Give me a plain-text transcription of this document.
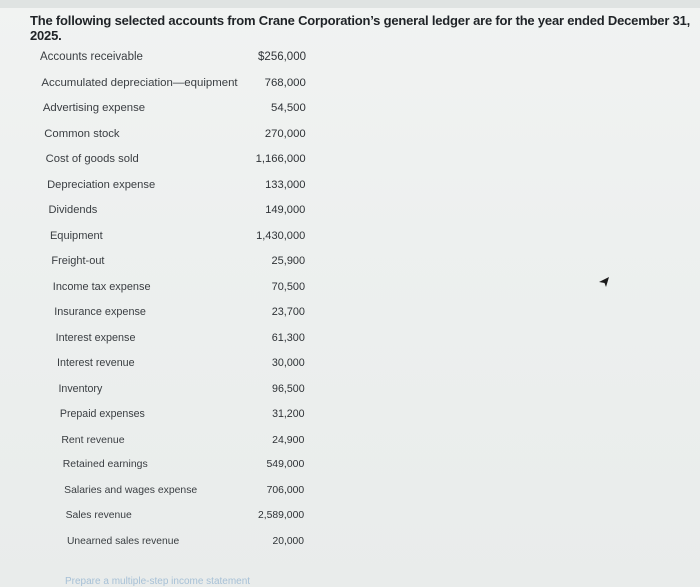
The following selected accounts from Crane Corporation’s general ledger are for the year ended December 31, 2025.
Accounts receivable	$256,000
Accumulated depreciation—equipment	768,000
Advertising expense	54,500
Common stock	270,000
Cost of goods sold	1,166,000
Depreciation expense	133,000
Dividends	149,000
Equipment	1,430,000
Freight-out	25,900
Income tax expense	70,500
Insurance expense	23,700
Interest expense	61,300
Interest revenue	30,000
Inventory	96,500
Prepaid expenses	31,200
Rent revenue	24,900
Retained earnings	549,000
Salaries and wages expense	706,000
Sales revenue	2,589,000
Unearned sales revenue	20,000
Prepare a multiple-step income statement
